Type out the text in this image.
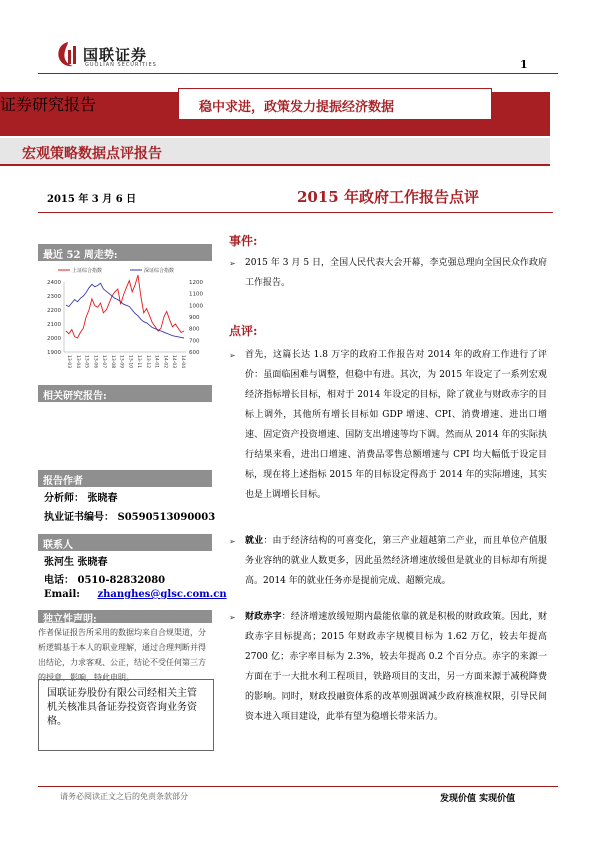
国联证券
GUOLIAN SECURITIES	1
证券研究报告	稳中求进，政策发力提振经济数据
宏观策略数据点评报告
2015 年 3 月 6 日	2015 年政府工作报告点评
最近 52 周走势:
上证综合指数	深证综合指数
2400
2300
2200
2100
2000
1900
1200
1100
1000
900
800
700
600
13-03 13-04 13-05 13-06 13-07 13-08 13-09 13-10 13-11 13-12 14-01 14-02 14-03 14-04
相关研究报告:
报告作者
分析师： 张晓春
执业证书编号： S0590513090003
联系人
张河生 张晓春
电话： 0510-82832080
Email: zhanghes@glsc.com.cn
独立性声明:
作者保证报告所采用的数据均来自合规渠道，分析逻辑基于本人的职业理解，通过合理判断并得出结论，力求客观、公正，结论不受任何第三方的授意、影响，特此申明。
国联证券股份有限公司经相关主管机关核准具备证券投资咨询业务资格。
事件:
➢ 2015 年 3 月 5 日，全国人民代表大会开幕，李克强总理向全国民众作政府工作报告。
点评:
➢ 首先，这篇长达 1.8 万字的政府工作报告对 2014 年的政府工作进行了评价：虽面临困难与调整，但稳中有进。其次，为 2015 年设定了一系列宏观经济指标增长目标，相对于 2014 年设定的目标，除了就业与财政赤字的目标上调外，其他所有增长目标如 GDP 增速、CPI、消费增速、进出口增速、固定资产投资增速、国防支出增速等均下调。然而从 2014 年的实际执行结果来看，进出口增速、消费品零售总额增速与 CPI 均大幅低于设定目标，现在将上述指标 2015 年的目标设定得高于 2014 年的实际增速，其实也是上调增长目标。
➢ 就业：由于经济结构的可喜变化，第三产业超越第二产业，而且单位产值服务业容纳的就业人数更多，因此虽然经济增速放缓但是就业的目标却有所提高。2014 年的就业任务亦是提前完成、超额完成。
➢ 财政赤字：经济增速放缓短期内最能依靠的就是积极的财政政策。因此，财政赤字目标提高；2015 年财政赤字规模目标为 1.62 万亿，较去年提高 2700 亿；赤字率目标为 2.3%，较去年提高 0.2 个百分点。赤字的来源一方面在于一大批水利工程项目，铁路项目的支出，另一方面来源于减税降费的影响。同时，财政投融资体系的改革则强调减少政府核准权限，引导民间资本进入项目建设，此举有望为稳增长带来活力。
请务必阅读正文之后的免责条款部分	发现价值 实现价值
